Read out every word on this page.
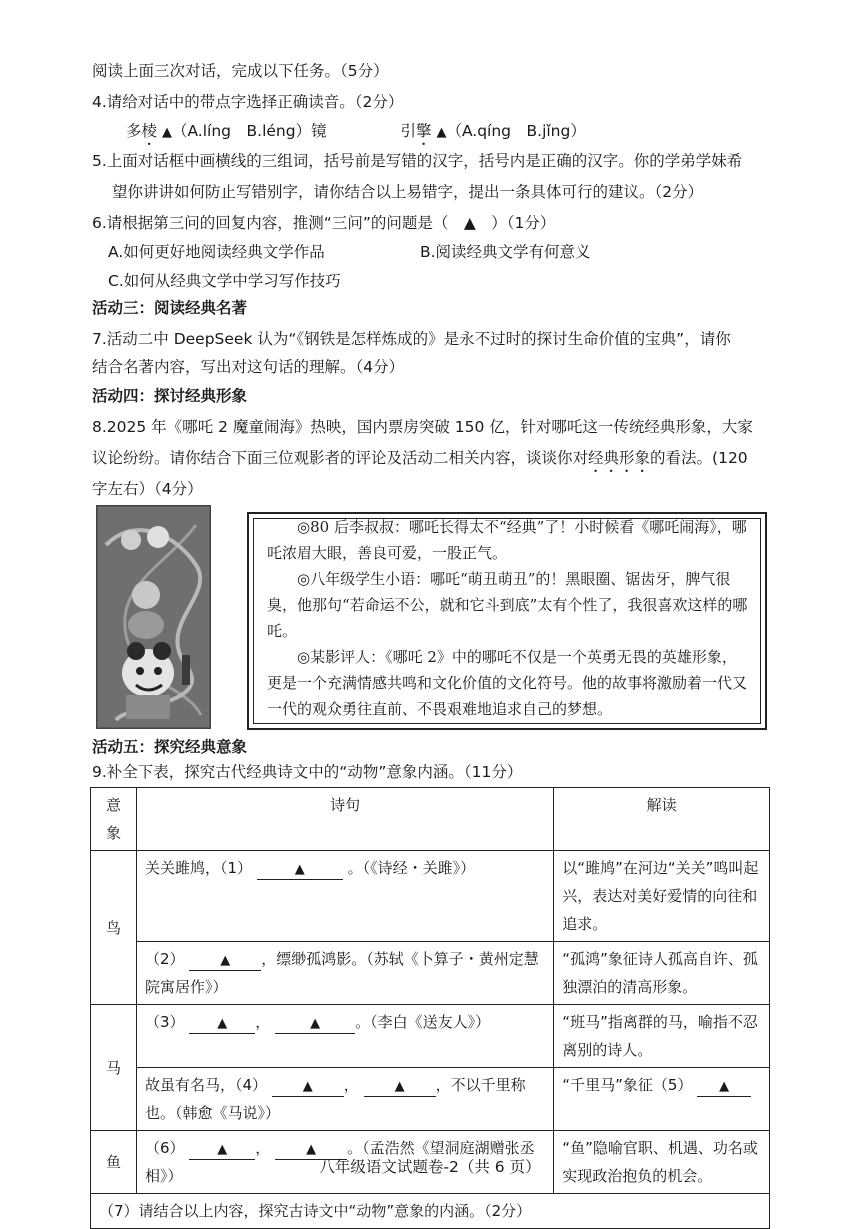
阅读上面三次对话，完成以下任务。（5分）
4.请给对话中的带点字选择正确读音。（2分）
多棱 ▲（A.líng　B.léng）镜	引擎 ▲（A.qíng　B.jǐng）
5.上面对话框中画横线的三组词，括号前是写错的汉字，括号内是正确的汉字。你的学弟学妹希
望你讲讲如何防止写错别字，请你结合以上易错字，提出一条具体可行的建议。（2分）
6.请根据第三问的回复内容，推测“三问”的问题是（　▲　）（1分）
A.如何更好地阅读经典文学作品	B.阅读经典文学有何意义
C.如何从经典文学中学习写作技巧
活动三：阅读经典名著
7.活动二中 DeepSeek 认为“《钢铁是怎样炼成的》是永不过时的探讨生命价值的宝典”，请你
结合名著内容，写出对这句话的理解。（4分）
活动四：探讨经典形象
8.2025 年《哪吒 2 魔童闹海》热映，国内票房突破 150 亿，针对哪吒这一传统经典形象，大家
议论纷纷。请你结合下面三位观影者的评论及活动二相关内容，谈谈你对经典形象的看法。(120
字左右）（4分）
◎80 后李叔叔：哪吒长得太不“经典”了！小时候看《哪吒闹海》，哪吒浓眉大眼，善良可爱，一股正气。
◎八年级学生小语：哪吒“萌丑萌丑”的！黑眼圈、锯齿牙，脾气很臭，他那句“若命运不公，就和它斗到底”太有个性了，我很喜欢这样的哪吒。
◎某影评人：《哪吒 2》中的哪吒不仅是一个英勇无畏的英雄形象，更是一个充满情感共鸣和文化价值的文化符号。他的故事将激励着一代又一代的观众勇往直前、不畏艰难地追求自己的梦想。
活动五：探究经典意象
9.补全下表，探究古代经典诗文中的“动物”意象内涵。（11分）
意象	诗句	解读
鸟	关关雎鸠，（1） ▲ 。（《诗经・关雎》）	以“雎鸠”在河边“关关”鸣叫起兴，表达对美好爱情的向往和追求。
	（2） ▲ ，缥缈孤鸿影。（苏轼《卜算子・黄州定慧院寓居作》）	“孤鸿”象征诗人孤高自许、孤独漂泊的清高形象。
马	（3） ▲ ， ▲ 。（李白《送友人》）	“班马”指离群的马，喻指不忍离别的诗人。
	故虽有名马，（4） ▲ ， ▲ ，不以千里称也。（韩愈《马说》）	“千里马”象征（5） ▲
鱼	（6） ▲ ， ▲ 。（孟浩然《望洞庭湖赠张丞相》）	“鱼”隐喻官职、机遇、功名或实现政治抱负的机会。
（7）请结合以上内容，探究古诗文中“动物”意象的内涵。（2分）		
八年级语文试题卷-2（共 6 页）
